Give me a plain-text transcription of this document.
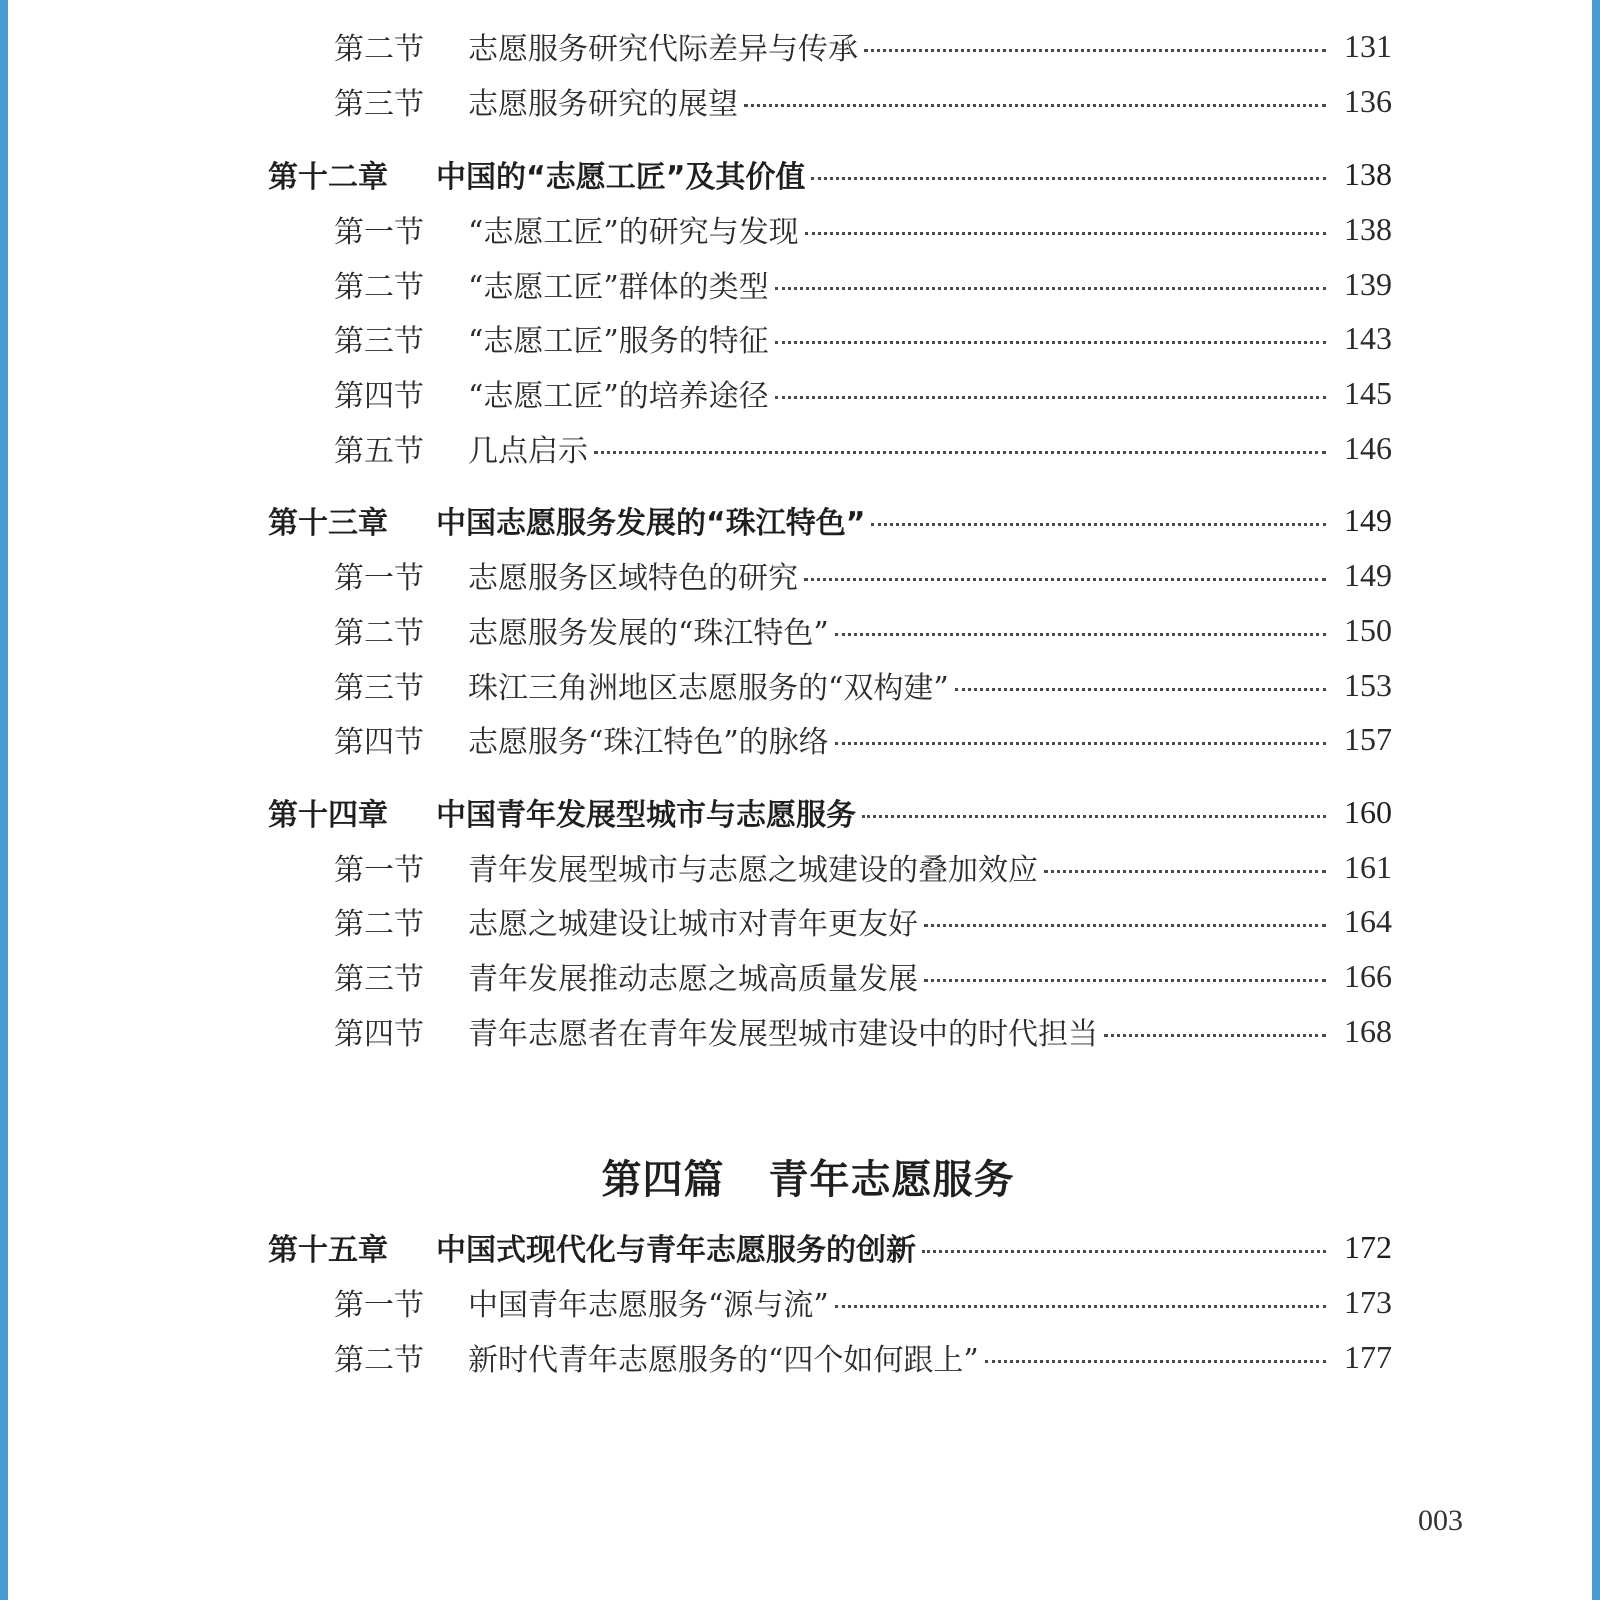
第二节	志愿服务研究代际差异与传承	131
第三节	志愿服务研究的展望	136
第十二章	中国的“志愿工匠”及其价值	138
第一节	“志愿工匠”的研究与发现	138
第二节	“志愿工匠”群体的类型	139
第三节	“志愿工匠”服务的特征	143
第四节	“志愿工匠”的培养途径	145
第五节	几点启示	146
第十三章	中国志愿服务发展的“珠江特色”	149
第一节	志愿服务区域特色的研究	149
第二节	志愿服务发展的“珠江特色”	150
第三节	珠江三角洲地区志愿服务的“双构建”	153
第四节	志愿服务“珠江特色”的脉络	157
第十四章	中国青年发展型城市与志愿服务	160
第一节	青年发展型城市与志愿之城建设的叠加效应	161
第二节	志愿之城建设让城市对青年更友好	164
第三节	青年发展推动志愿之城高质量发展	166
第四节	青年志愿者在青年发展型城市建设中的时代担当	168
第十五章	中国式现代化与青年志愿服务的创新	172
第一节	中国青年志愿服务“源与流”	173
第二节	新时代青年志愿服务的“四个如何跟上”	177
第四篇 青年志愿服务
003
